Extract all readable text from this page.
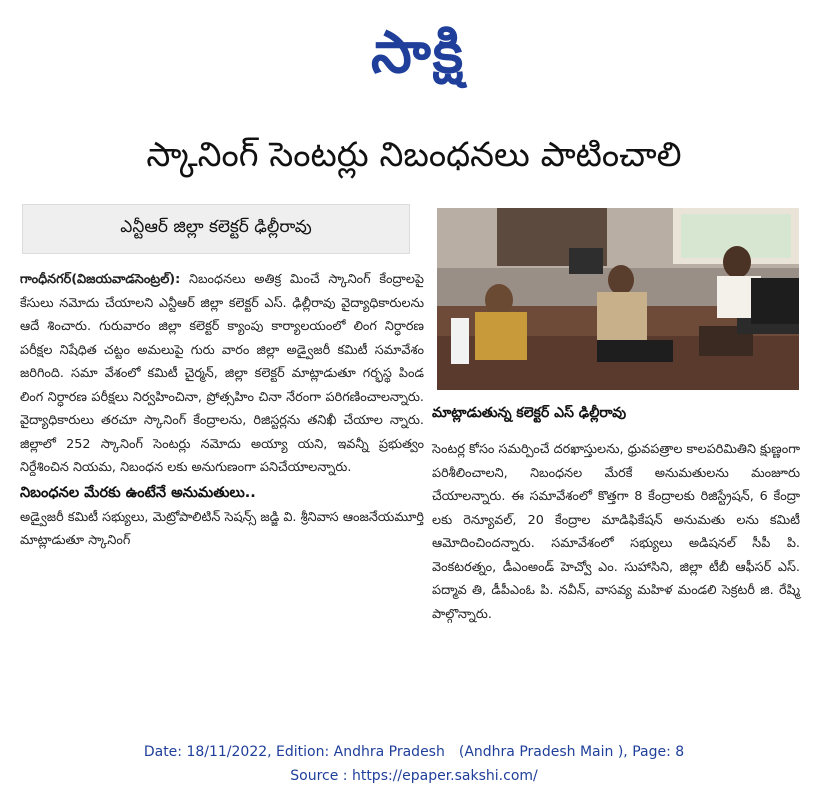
సాక్షి
స్కానింగ్ సెంటర్లు నిబంధనలు పాటించాలి
ఎన్టీఆర్ జిల్లా కలెక్టర్ ఢిల్లీరావు

గాంధీనగర్(విజయవాడసెంట్రల్): నిబంధనలు అతిక్ర మించే స్కానింగ్ కేంద్రాలపై కేసులు నమోదు చేయాలని ఎన్టీఆర్ జిల్లా కలెక్టర్ ఎస్. ఢిల్లీరావు వైద్యాధికారులను ఆదే శించారు. గురువారం జిల్లా కలెక్టర్ క్యాంపు కార్యాలయంలో లింగ నిర్ధారణ పరీక్షల నిషేధిత చట్టం అమలుపై గురు వారం జిల్లా అడ్వైజరీ కమిటీ సమావేశం జరిగింది. సమా వేశంలో కమిటీ చైర్మన్, జిల్లా కలెక్టర్ మాట్లాడుతూ గర్భస్థ పిండ లింగ నిర్ధారణ పరీక్షలు నిర్వహించినా, ప్రోత్సహిం చినా నేరంగా పరిగణించాలన్నారు. వైద్యాధికారులు తరచూ స్కానింగ్ కేంద్రాలను, రిజిస్టర్లను తనిఖీ చేయాల న్నారు. జిల్లాలో 252 స్కానింగ్ సెంటర్లు నమోదు అయ్యా యని, ఇవన్నీ ప్రభుత్వం నిర్దేశించిన నియమ, నిబంధన లకు అనుగుణంగా పనిచేయాలన్నారు.

నిబంధనల మేరకు ఉంటేనే అనుమతులు..

అడ్వైజరీ కమిటీ సభ్యులు, మెట్రోపాలిటిన్ సెషన్స్ జడ్జి వి. శ్రీనివాస ఆంజనేయమూర్తి మాట్లాడుతూ స్కానింగ్

మాట్లాడుతున్న కలెక్టర్ ఎస్ ఢిల్లీరావు

సెంటర్ల కోసం సమర్పించే దరఖాస్తులను, ధ్రువపత్రాల కాలపరిమితిని క్షుణ్ణంగా పరిశీలించాలని, నిబంధనల మేరకే అనుమతులను మంజూరు చేయాలన్నారు. ఈ సమావేశంలో కొత్తగా 8 కేంద్రాలకు రిజిస్ట్రేషన్, 6 కేంద్రా లకు రెన్యూవల్, 20 కేంద్రాల మాడిఫికేషన్ అనుమతు లను కమిటీ ఆమోదించిందన్నారు. సమావేశంలో సభ్యులు అడిషనల్ సీపీ పి. వెంకటరత్నం, డీఎంఅండ్ హెచ్వో ఎం. సుహాసిని, జిల్లా టీబీ ఆఫీసర్ ఎస్. పద్మావ తి, డీపీఎంఓ పి. నవీన్, వాసవ్య మహిళ మండలి సెక్రటరీ జి. రేష్మి పాల్గొన్నారు.

Date: 18/11/2022, Edition: Andhra Pradesh (Andhra Pradesh Main ), Page: 8
Source : https://epaper.sakshi.com/
